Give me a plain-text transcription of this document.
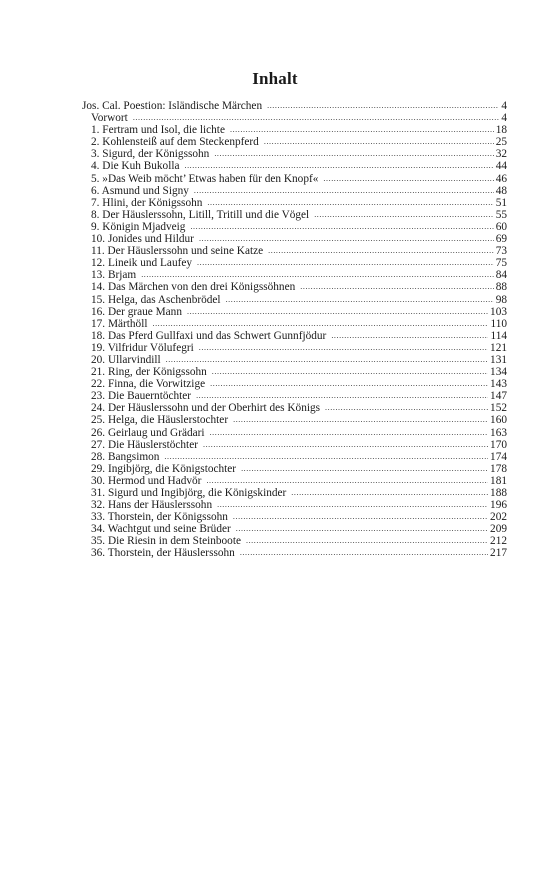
Inhalt
Jos. Cal. Poestion: Isländische Märchen .....	4
Vorwort .....	4
1. Fertram und Isol, die lichte .....	18
2. Kohlensteiß auf dem Steckenpferd .....	25
3. Sigurd, der Königssohn .....	32
4. Die Kuh Bukolla .....	44
5. »Das Weib möcht’ Etwas haben für den Knopf« .....	46
6. Asmund und Signy .....	48
7. Hlini, der Königssohn .....	51
8. Der Häuslerssohn, Litill, Tritill und die Vögel .....	55
9. Königin Mjadveig .....	60
10. Jonides und Hildur .....	69
11. Der Häuslerssohn und seine Katze .....	73
12. Lineik und Laufey .....	75
13. Brjam .....	84
14. Das Märchen von den drei Königssöhnen .....	88
15. Helga, das Aschenbrödel .....	98
16. Der graue Mann .....	103
17. Märthöll .....	110
18. Das Pferd Gullfaxi und das Schwert Gunnfjödur .....	114
19. Vilfridur Völufegri .....	121
20. Ullarvindill .....	131
21. Ring, der Königssohn .....	134
22. Finna, die Vorwitzige .....	143
23. Die Bauerntöchter .....	147
24. Der Häuslerssohn und der Oberhirt des Königs .....	152
25. Helga, die Häuslerstochter .....	160
26. Geirlaug und Grädari .....	163
27. Die Häuslerstöchter .....	170
28. Bangsimon .....	174
29. Ingibjörg, die Königstochter .....	178
30. Hermod und Hadvör .....	181
31. Sigurd und Ingibjörg, die Königskinder .....	188
32. Hans der Häuslerssohn .....	196
33. Thorstein, der Königssohn .....	202
34. Wachtgut und seine Brüder .....	209
35. Die Riesin in dem Steinboote .....	212
36. Thorstein, der Häuslerssohn .....	217
